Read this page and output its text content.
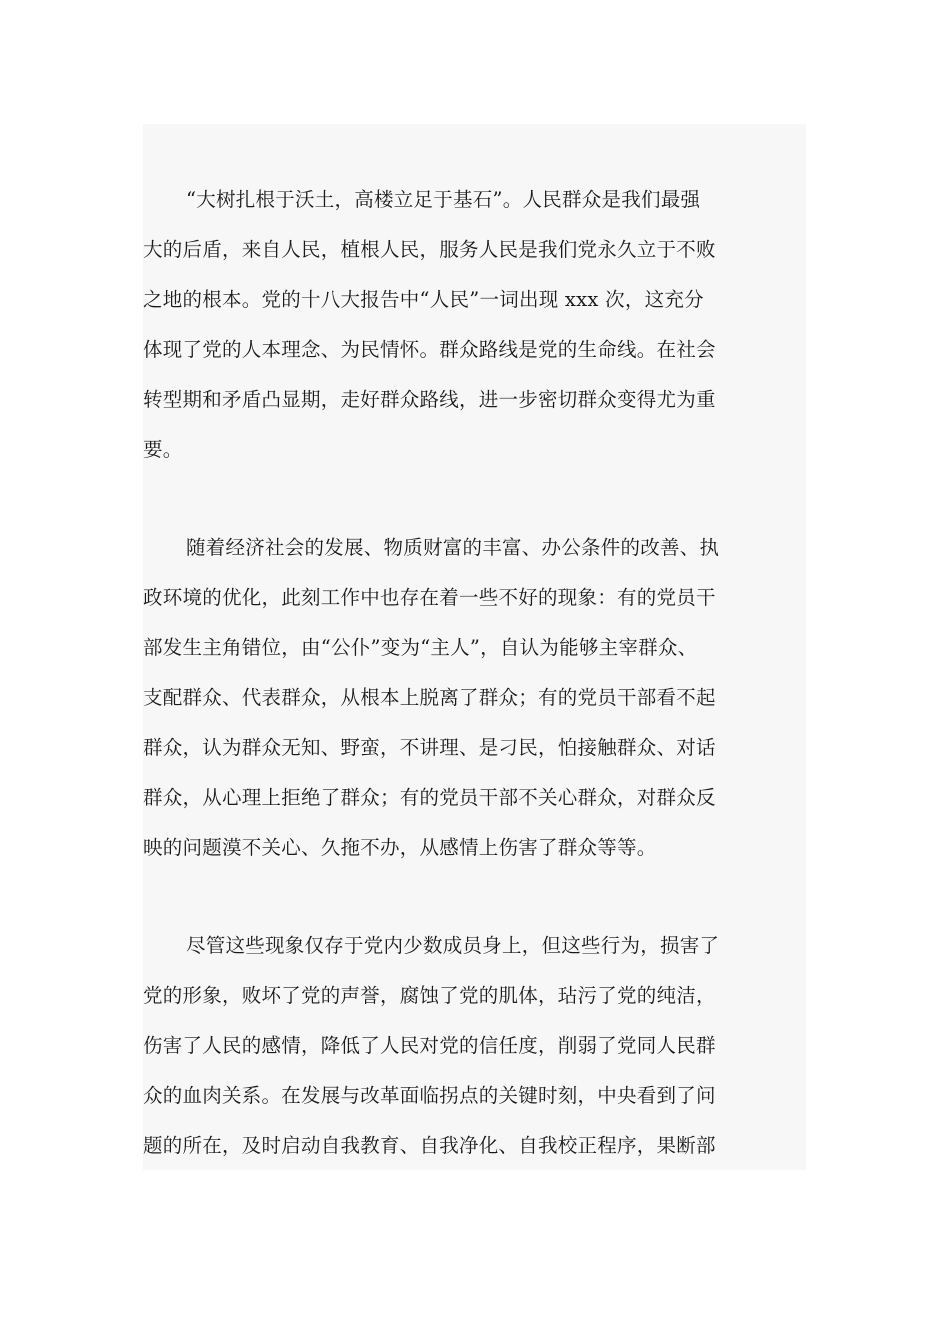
“大树扎根于沃土，高楼立足于基石”。人民群众是我们最强
大的后盾，来自人民，植根人民，服务人民是我们党永久立于不败
之地的根本。党的十八大报告中“人民”一词出现 xxx 次，这充分
体现了党的人本理念、为民情怀。群众路线是党的生命线。在社会
转型期和矛盾凸显期，走好群众路线，进一步密切群众变得尤为重
要。
随着经济社会的发展、物质财富的丰富、办公条件的改善、执
政环境的优化，此刻工作中也存在着一些不好的现象：有的党员干
部发生主角错位，由“公仆”变为“主人”，自认为能够主宰群众、
支配群众、代表群众，从根本上脱离了群众；有的党员干部看不起
群众，认为群众无知、野蛮，不讲理、是刁民，怕接触群众、对话
群众，从心理上拒绝了群众；有的党员干部不关心群众，对群众反
映的问题漠不关心、久拖不办，从感情上伤害了群众等等。
尽管这些现象仅存于党内少数成员身上，但这些行为，损害了
党的形象，败坏了党的声誉，腐蚀了党的肌体，玷污了党的纯洁，
伤害了人民的感情，降低了人民对党的信任度，削弱了党同人民群
众的血肉关系。在发展与改革面临拐点的关键时刻，中央看到了问
题的所在，及时启动自我教育、自我净化、自我校正程序，果断部
